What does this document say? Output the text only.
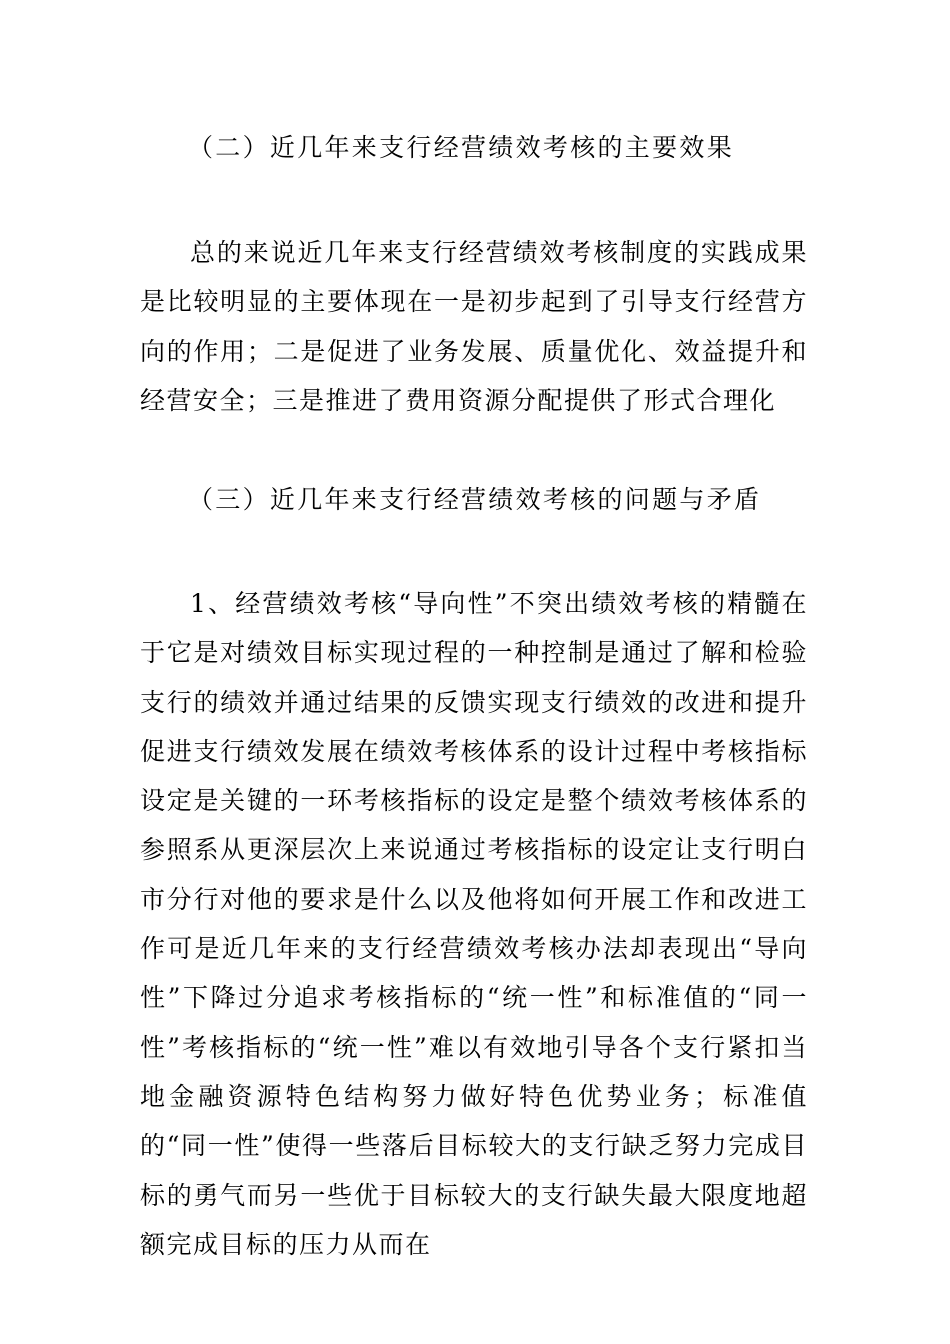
（二）近几年来支行经营绩效考核的主要效果
总的来说近几年来支行经营绩效考核制度的实践成果是比较明显的主要体现在一是初步起到了引导支行经营方向的作用；二是促进了业务发展、质量优化、效益提升和经营安全；三是推进了费用资源分配提供了形式合理化
（三）近几年来支行经营绩效考核的问题与矛盾
1、经营绩效考核“导向性”不突出绩效考核的精髓在于它是对绩效目标实现过程的一种控制是通过了解和检验支行的绩效并通过结果的反馈实现支行绩效的改进和提升促进支行绩效发展在绩效考核体系的设计过程中考核指标设定是关键的一环考核指标的设定是整个绩效考核体系的参照系从更深层次上来说通过考核指标的设定让支行明白市分行对他的要求是什么以及他将如何开展工作和改进工作可是近几年来的支行经营绩效考核办法却表现出“导向性”下降过分追求考核指标的“统一性”和标准值的“同一性”考核指标的“统一性”难以有效地引导各个支行紧扣当地金融资源特色结构努力做好特色优势业务；标准值的“同一性”使得一些落后目标较大的支行缺乏努力完成目标的勇气而另一些优于目标较大的支行缺失最大限度地超额完成目标的压力从而在
